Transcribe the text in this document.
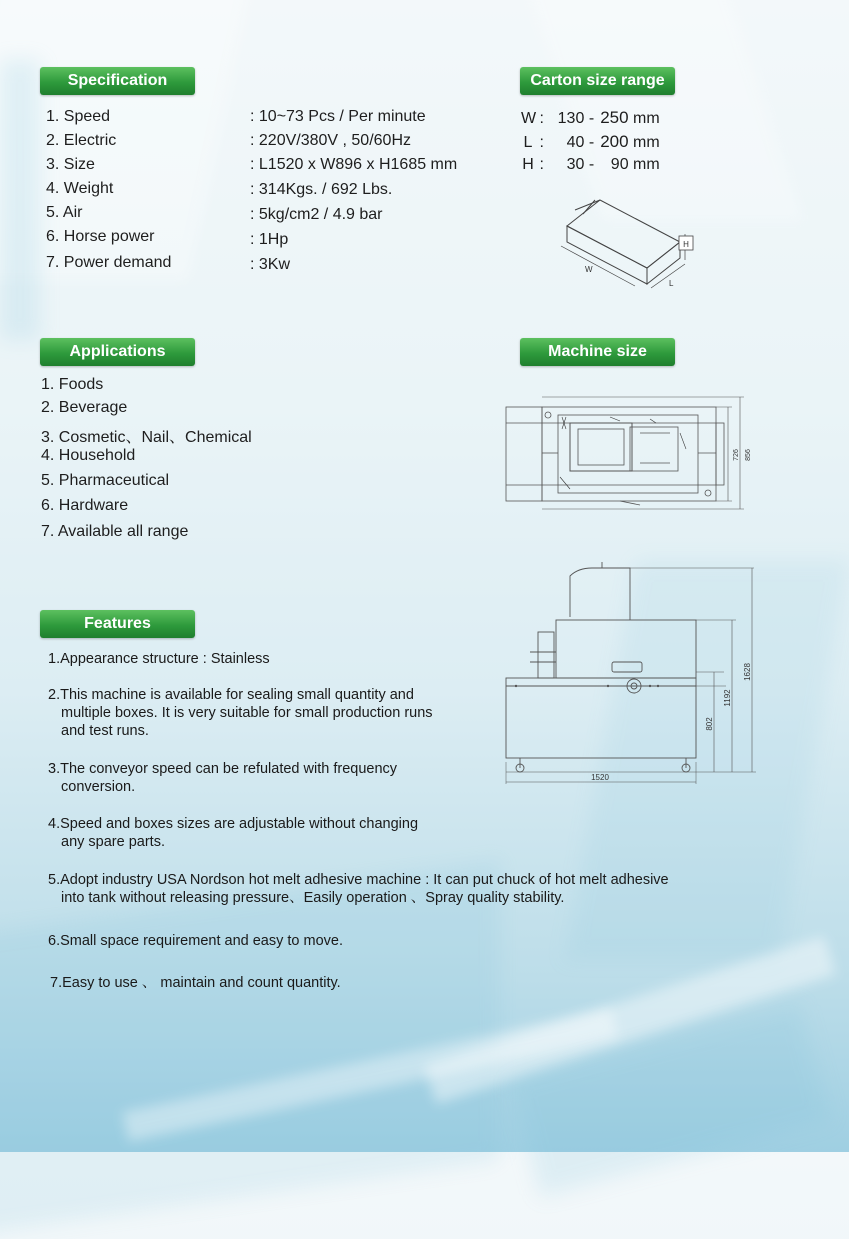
Specification
1. Speed	: 10~73 Pcs / Per minute
2. Electric	: 220V/380V , 50/60Hz
3. Size	: L1520 x W896 x H1685 mm
4. Weight	: 314Kgs. / 692 Lbs.
5. Air	: 5kg/cm2 / 4.9 bar
6. Horse power	: 1Hp
7. Power demand	: 3Kw
Carton size range
W : 130 - 250 mm
L : 40 - 200 mm
H : 30 - 90 mm
H
W
L
Applications
1. Foods
2. Beverage
3. Cosmetic、Nail、Chemical
4. Household
5. Pharmaceutical
6. Hardware
7. Available all range
Machine size
726 856
1628
1192
802
1520
Features
1.Appearance structure : Stainless
2.This machine is available for sealing small quantity and
multiple boxes. It is very suitable for small production runs
and test runs.
3.The conveyor speed can be refulated with frequency
conversion.
4.Speed and boxes sizes are adjustable without changing
any spare parts.
5.Adopt industry USA Nordson hot melt adhesive machine : It can put chuck of hot melt adhesive
into tank without releasing pressure、Easily operation 、Spray quality stability.
6.Small space requirement and easy to move.
7.Easy to use 、 maintain and count quantity.
